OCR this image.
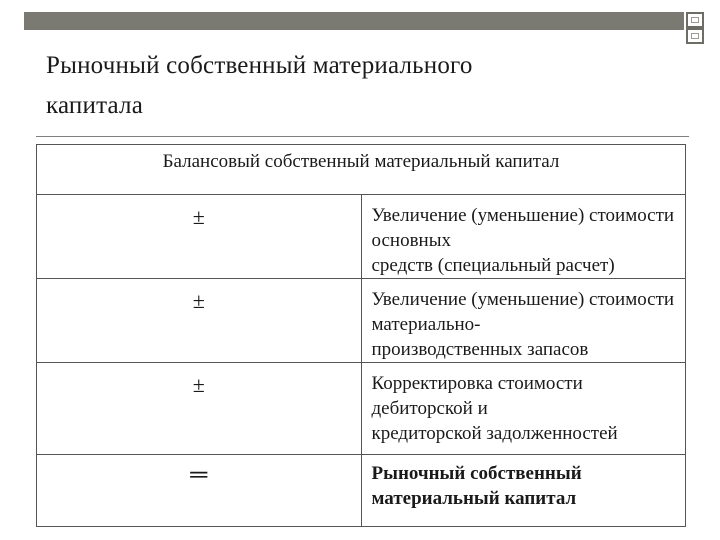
Рыночный собственный материального
капитала
Балансовый собственный материальный капитал	
±	Увеличение (уменьшение) стоимости основных
средств (специальный расчет)

±	Увеличение (уменьшение) стоимости материально-
производственных запасов

±	Корректировка стоимости дебиторской и
кредиторской задолженностей

═	Рыночный собственный материальный капитал
